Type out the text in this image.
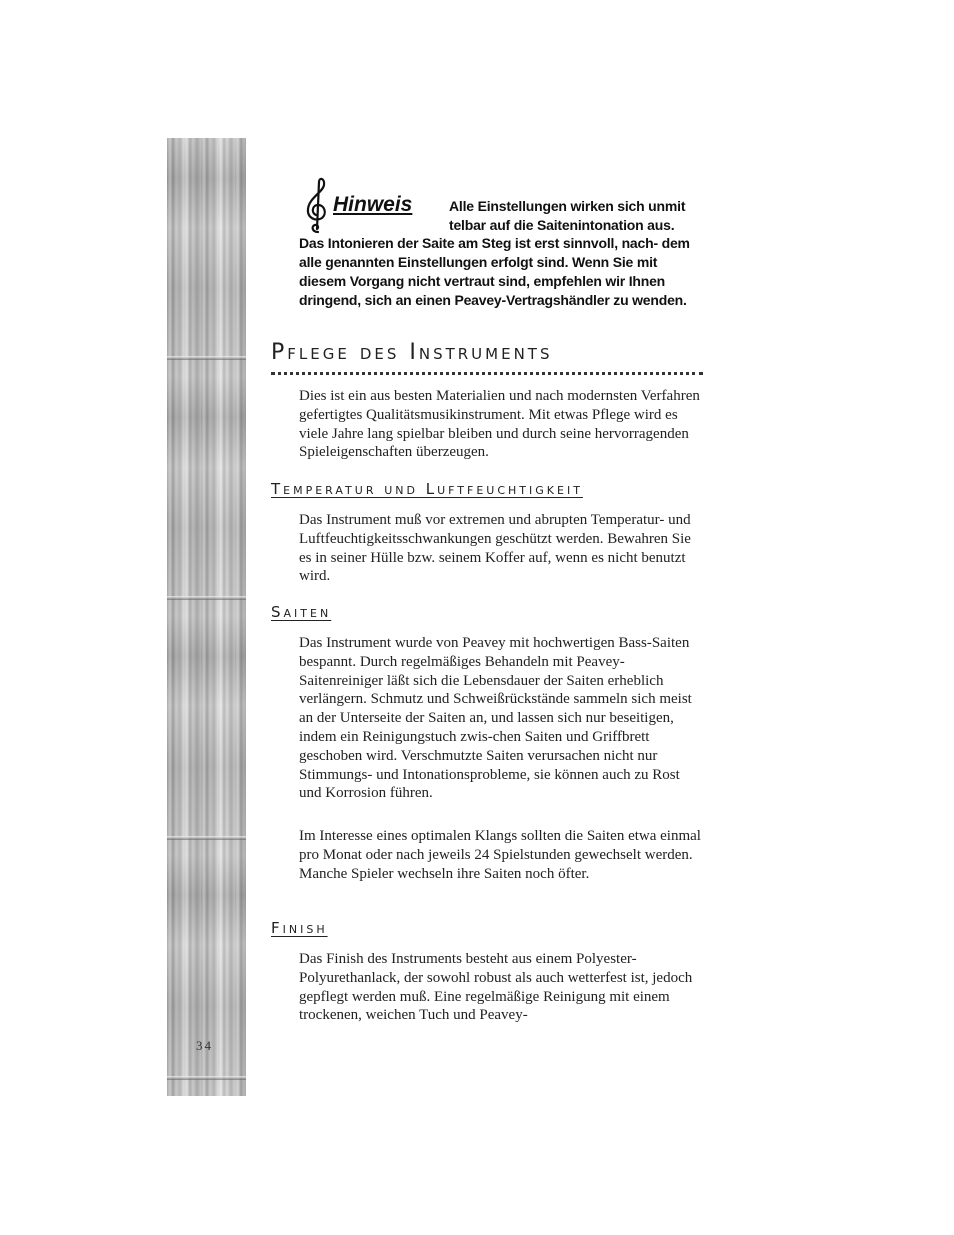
34
Hinweis	Alle Einstellungen wirken sich unmit telbar auf die Saitenintonation aus.
Das Intonieren der Saite am Steg ist erst sinnvoll, nach- dem alle genannten Einstellungen erfolgt sind. Wenn Sie mit diesem Vorgang nicht vertraut sind, empfehlen wir Ihnen dringend, sich an einen Peavey-Vertragshändler zu wenden.
Pflege des Instruments

Dies ist ein aus besten Materialien und nach modernsten Verfahren gefertigtes Qualitätsmusikinstrument. Mit etwas Pflege wird es viele Jahre lang spielbar bleiben und durch seine hervorragenden Spieleigenschaften überzeugen.

Temperatur und Luftfeuchtigkeit

Das Instrument muß vor extremen und abrupten Temperatur- und Luftfeuchtigkeitsschwankungen geschützt werden. Bewahren Sie es in seiner Hülle bzw. seinem Koffer auf, wenn es nicht benutzt wird.

Saiten

Das Instrument wurde von Peavey mit hochwertigen Bass-Saiten bespannt. Durch regelmäßiges Behandeln mit Peavey-Saitenreiniger läßt sich die Lebensdauer der Saiten erheblich verlängern. Schmutz und Schweißrückstände sammeln sich meist an der Unterseite der Saiten an, und lassen sich nur beseitigen, indem ein Reinigungstuch zwis-chen Saiten und Griffbrett geschoben wird. Verschmutzte Saiten verursachen nicht nur Stimmungs- und Intonationsprobleme, sie können auch zu Rost und Korrosion führen.

Im Interesse eines optimalen Klangs sollten die Saiten etwa einmal pro Monat oder nach jeweils 24 Spielstunden gewechselt werden. Manche Spieler wechseln ihre Saiten noch öfter.

Finish

Das Finish des Instruments besteht aus einem Polyester-Polyurethanlack, der sowohl robust als auch wetterfest ist, jedoch gepflegt werden muß. Eine regelmäßige Reinigung mit einem trockenen, weichen Tuch und Peavey-
